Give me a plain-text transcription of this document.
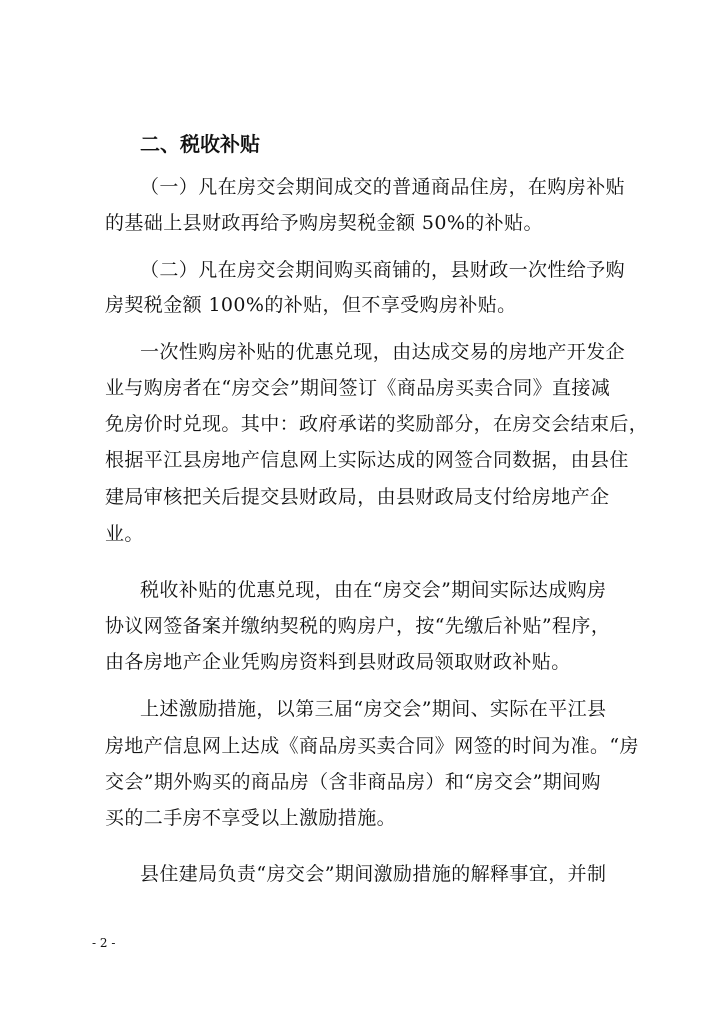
二、税收补贴

（一）凡在房交会期间成交的普通商品住房，在购房补贴

的基础上县财政再给予购房契税金额 50%的补贴。

（二）凡在房交会期间购买商铺的，县财政一次性给予购

房契税金额 100%的补贴，但不享受购房补贴。

一次性购房补贴的优惠兑现，由达成交易的房地产开发企

业与购房者在“房交会”期间签订《商品房买卖合同》直接减

免房价时兑现。其中：政府承诺的奖励部分，在房交会结束后，

根据平江县房地产信息网上实际达成的网签合同数据，由县住

建局审核把关后提交县财政局，由县财政局支付给房地产企

业。

税收补贴的优惠兑现，由在“房交会”期间实际达成购房

协议网签备案并缴纳契税的购房户，按“先缴后补贴”程序，

由各房地产企业凭购房资料到县财政局领取财政补贴。

上述激励措施，以第三届“房交会”期间、实际在平江县

房地产信息网上达成《商品房买卖合同》网签的时间为准。“房

交会”期外购买的商品房（含非商品房）和“房交会”期间购

买的二手房不享受以上激励措施。

县住建局负责“房交会”期间激励措施的解释事宜，并制

- 2 -
